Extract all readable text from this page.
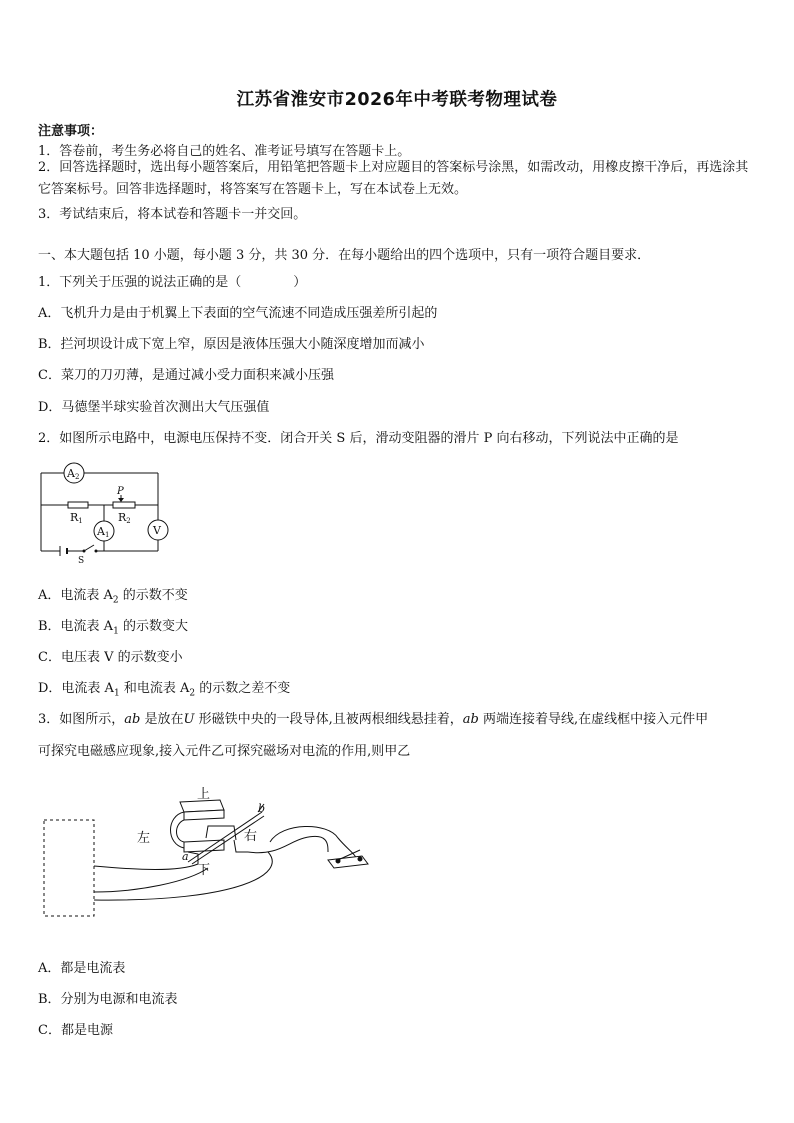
江苏省淮安市2026年中考联考物理试卷
注意事项：
1．答卷前，考生务必将自己的姓名、准考证号填写在答题卡上。
2．回答选择题时，选出每小题答案后，用铅笔把答题卡上对应题目的答案标号涂黑，如需改动，用橡皮擦干净后，再选涂其它答案标号。回答非选择题时，将答案写在答题卡上，写在本试卷上无效。
3．考试结束后，将本试卷和答题卡一并交回。
一、本大题包括 10 小题，每小题 3 分，共 30 分．在每小题给出的四个选项中，只有一项符合题目要求．
1．下列关于压强的说法正确的是（　　　　）
A．飞机升力是由于机翼上下表面的空气流速不同造成压强差所引起的
B．拦河坝设计成下宽上窄，原因是液体压强大小随深度增加而减小
C．菜刀的刀刃薄，是通过减小受力面积来减小压强
D．马德堡半球实验首次测出大气压强值
2．如图所示电路中，电源电压保持不变．闭合开关 S 后，滑动变阻器的滑片 P 向右移动，下列说法中正确的是
A2
A1	V
R1	R2
P
S
A．电流表 $A_2$ 的示数不变
B．电流表 $A_1$ 的示数变大
C．电压表 V 的示数变小
D．电流表 $A_1$ 和电流表 $A_2$ 的示数之差不变
3．如图所示，ab 是放在U 形磁铁中央的一段导体,且被两根细线悬挂着，ab 两端连接着导线,在虚线框中接入元件甲
可探究电磁感应现象,接入元件乙可探究磁场对电流的作用,则甲乙
上
下
左	右
a
b
A．都是电流表
B．分别为电源和电流表
C．都是电源
